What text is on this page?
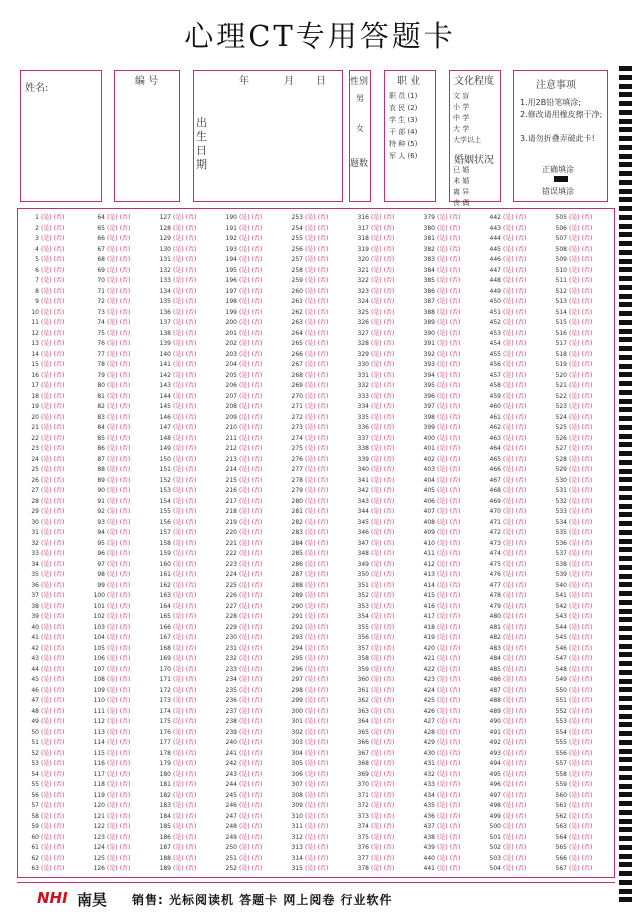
心理CT专用答题卡
姓名:
编 号	年	月 日
出生日期
性别
男
女
题数
职 业
职 员 (1)
农 民 (2)
学 生 (3)
干 部 (4)
特 种 (5)
军 人 (6)
文化程度
文 盲
小 学
中 学
大 学
大学以上
婚姻状况
已 婚
未 婚
离 异
丧 偶
注意事项
1.用2B铅笔填涂;
2.修改请用橡皮擦干净;
3.请勿折叠弄破此卡!
正确填涂
错误填涂
1 (是) (否)
2 (是) (否)
3 (是) (否)
4 (是) (否)
5 (是) (否)
6 (是) (否)
7 (是) (否)
8 (是) (否)
9 (是) (否)
10 (是) (否)
11 (是) (否)
12 (是) (否)
13 (是) (否)
14 (是) (否)
15 (是) (否)
16 (是) (否)
17 (是) (否)
18 (是) (否)
19 (是) (否)
20 (是) (否)
21 (是) (否)
22 (是) (否)
23 (是) (否)
24 (是) (否)
25 (是) (否)
26 (是) (否)
27 (是) (否)
28 (是) (否)
29 (是) (否)
30 (是) (否)
31 (是) (否)
32 (是) (否)
33 (是) (否)
34 (是) (否)
35 (是) (否)
36 (是) (否)
37 (是) (否)
38 (是) (否)
39 (是) (否)
40 (是) (否)
41 (是) (否)
42 (是) (否)
43 (是) (否)
44 (是) (否)
45 (是) (否)
46 (是) (否)
47 (是) (否)
48 (是) (否)
49 (是) (否)
50 (是) (否)
51 (是) (否)
52 (是) (否)
53 (是) (否)
54 (是) (否)
55 (是) (否)
56 (是) (否)
57 (是) (否)
58 (是) (否)
59 (是) (否)
60 (是) (否)
61 (是) (否)
62 (是) (否)
63 (是) (否)
64 (是) (否)
65 (是) (否)
66 (是) (否)
67 (是) (否)
68 (是) (否)
69 (是) (否)
70 (是) (否)
71 (是) (否)
72 (是) (否)
73 (是) (否)
74 (是) (否)
75 (是) (否)
76 (是) (否)
77 (是) (否)
78 (是) (否)
79 (是) (否)
80 (是) (否)
81 (是) (否)
82 (是) (否)
83 (是) (否)
84 (是) (否)
85 (是) (否)
86 (是) (否)
87 (是) (否)
88 (是) (否)
89 (是) (否)
90 (是) (否)
91 (是) (否)
92 (是) (否)
93 (是) (否)
94 (是) (否)
95 (是) (否)
96 (是) (否)
97 (是) (否)
98 (是) (否)
99 (是) (否)
100 (是) (否)
101 (是) (否)
102 (是) (否)
103 (是) (否)
104 (是) (否)
105 (是) (否)
106 (是) (否)
107 (是) (否)
108 (是) (否)
109 (是) (否)
110 (是) (否)
111 (是) (否)
112 (是) (否)
113 (是) (否)
114 (是) (否)
115 (是) (否)
116 (是) (否)
117 (是) (否)
118 (是) (否)
119 (是) (否)
120 (是) (否)
121 (是) (否)
122 (是) (否)
123 (是) (否)
124 (是) (否)
125 (是) (否)
126 (是) (否)
127 (是) (否)
128 (是) (否)
129 (是) (否)
130 (是) (否)
131 (是) (否)
132 (是) (否)
133 (是) (否)
134 (是) (否)
135 (是) (否)
136 (是) (否)
137 (是) (否)
138 (是) (否)
139 (是) (否)
140 (是) (否)
141 (是) (否)
142 (是) (否)
143 (是) (否)
144 (是) (否)
145 (是) (否)
146 (是) (否)
147 (是) (否)
148 (是) (否)
149 (是) (否)
150 (是) (否)
151 (是) (否)
152 (是) (否)
153 (是) (否)
154 (是) (否)
155 (是) (否)
156 (是) (否)
157 (是) (否)
158 (是) (否)
159 (是) (否)
160 (是) (否)
161 (是) (否)
162 (是) (否)
163 (是) (否)
164 (是) (否)
165 (是) (否)
166 (是) (否)
167 (是) (否)
168 (是) (否)
169 (是) (否)
170 (是) (否)
171 (是) (否)
172 (是) (否)
173 (是) (否)
174 (是) (否)
175 (是) (否)
176 (是) (否)
177 (是) (否)
178 (是) (否)
179 (是) (否)
180 (是) (否)
181 (是) (否)
182 (是) (否)
183 (是) (否)
184 (是) (否)
185 (是) (否)
186 (是) (否)
187 (是) (否)
188 (是) (否)
189 (是) (否)
190 (是) (否)
191 (是) (否)
192 (是) (否)
193 (是) (否)
194 (是) (否)
195 (是) (否)
196 (是) (否)
197 (是) (否)
198 (是) (否)
199 (是) (否)
200 (是) (否)
201 (是) (否)
202 (是) (否)
203 (是) (否)
204 (是) (否)
205 (是) (否)
206 (是) (否)
207 (是) (否)
208 (是) (否)
209 (是) (否)
210 (是) (否)
211 (是) (否)
212 (是) (否)
213 (是) (否)
214 (是) (否)
215 (是) (否)
216 (是) (否)
217 (是) (否)
218 (是) (否)
219 (是) (否)
220 (是) (否)
221 (是) (否)
222 (是) (否)
223 (是) (否)
224 (是) (否)
225 (是) (否)
226 (是) (否)
227 (是) (否)
228 (是) (否)
229 (是) (否)
230 (是) (否)
231 (是) (否)
232 (是) (否)
233 (是) (否)
234 (是) (否)
235 (是) (否)
236 (是) (否)
237 (是) (否)
238 (是) (否)
239 (是) (否)
240 (是) (否)
241 (是) (否)
242 (是) (否)
243 (是) (否)
244 (是) (否)
245 (是) (否)
246 (是) (否)
247 (是) (否)
248 (是) (否)
249 (是) (否)
250 (是) (否)
251 (是) (否)
252 (是) (否)
253 (是) (否)
254 (是) (否)
255 (是) (否)
256 (是) (否)
257 (是) (否)
258 (是) (否)
259 (是) (否)
260 (是) (否)
261 (是) (否)
262 (是) (否)
263 (是) (否)
264 (是) (否)
265 (是) (否)
266 (是) (否)
267 (是) (否)
268 (是) (否)
269 (是) (否)
270 (是) (否)
271 (是) (否)
272 (是) (否)
273 (是) (否)
274 (是) (否)
275 (是) (否)
276 (是) (否)
277 (是) (否)
278 (是) (否)
279 (是) (否)
280 (是) (否)
281 (是) (否)
282 (是) (否)
283 (是) (否)
284 (是) (否)
285 (是) (否)
286 (是) (否)
287 (是) (否)
288 (是) (否)
289 (是) (否)
290 (是) (否)
291 (是) (否)
292 (是) (否)
293 (是) (否)
294 (是) (否)
295 (是) (否)
296 (是) (否)
297 (是) (否)
298 (是) (否)
299 (是) (否)
300 (是) (否)
301 (是) (否)
302 (是) (否)
303 (是) (否)
304 (是) (否)
305 (是) (否)
306 (是) (否)
307 (是) (否)
308 (是) (否)
309 (是) (否)
310 (是) (否)
311 (是) (否)
312 (是) (否)
313 (是) (否)
314 (是) (否)
315 (是) (否)
316 (是) (否)
317 (是) (否)
318 (是) (否)
319 (是) (否)
320 (是) (否)
321 (是) (否)
322 (是) (否)
323 (是) (否)
324 (是) (否)
325 (是) (否)
326 (是) (否)
327 (是) (否)
328 (是) (否)
329 (是) (否)
330 (是) (否)
331 (是) (否)
332 (是) (否)
333 (是) (否)
334 (是) (否)
335 (是) (否)
336 (是) (否)
337 (是) (否)
338 (是) (否)
339 (是) (否)
340 (是) (否)
341 (是) (否)
342 (是) (否)
343 (是) (否)
344 (是) (否)
345 (是) (否)
346 (是) (否)
347 (是) (否)
348 (是) (否)
349 (是) (否)
350 (是) (否)
351 (是) (否)
352 (是) (否)
353 (是) (否)
354 (是) (否)
355 (是) (否)
356 (是) (否)
357 (是) (否)
358 (是) (否)
359 (是) (否)
360 (是) (否)
361 (是) (否)
362 (是) (否)
363 (是) (否)
364 (是) (否)
365 (是) (否)
366 (是) (否)
367 (是) (否)
368 (是) (否)
369 (是) (否)
370 (是) (否)
371 (是) (否)
372 (是) (否)
373 (是) (否)
374 (是) (否)
375 (是) (否)
376 (是) (否)
377 (是) (否)
378 (是) (否)
379 (是) (否)
380 (是) (否)
381 (是) (否)
382 (是) (否)
383 (是) (否)
384 (是) (否)
385 (是) (否)
386 (是) (否)
387 (是) (否)
388 (是) (否)
389 (是) (否)
390 (是) (否)
391 (是) (否)
392 (是) (否)
393 (是) (否)
394 (是) (否)
395 (是) (否)
396 (是) (否)
397 (是) (否)
398 (是) (否)
399 (是) (否)
400 (是) (否)
401 (是) (否)
402 (是) (否)
403 (是) (否)
404 (是) (否)
405 (是) (否)
406 (是) (否)
407 (是) (否)
408 (是) (否)
409 (是) (否)
410 (是) (否)
411 (是) (否)
412 (是) (否)
413 (是) (否)
414 (是) (否)
415 (是) (否)
416 (是) (否)
417 (是) (否)
418 (是) (否)
419 (是) (否)
420 (是) (否)
421 (是) (否)
422 (是) (否)
423 (是) (否)
424 (是) (否)
425 (是) (否)
426 (是) (否)
427 (是) (否)
428 (是) (否)
429 (是) (否)
430 (是) (否)
431 (是) (否)
432 (是) (否)
433 (是) (否)
434 (是) (否)
435 (是) (否)
436 (是) (否)
437 (是) (否)
438 (是) (否)
439 (是) (否)
440 (是) (否)
441 (是) (否)
442 (是) (否)
443 (是) (否)
444 (是) (否)
445 (是) (否)
446 (是) (否)
447 (是) (否)
448 (是) (否)
449 (是) (否)
450 (是) (否)
451 (是) (否)
452 (是) (否)
453 (是) (否)
454 (是) (否)
455 (是) (否)
456 (是) (否)
457 (是) (否)
458 (是) (否)
459 (是) (否)
460 (是) (否)
461 (是) (否)
462 (是) (否)
463 (是) (否)
464 (是) (否)
465 (是) (否)
466 (是) (否)
467 (是) (否)
468 (是) (否)
469 (是) (否)
470 (是) (否)
471 (是) (否)
472 (是) (否)
473 (是) (否)
474 (是) (否)
475 (是) (否)
476 (是) (否)
477 (是) (否)
478 (是) (否)
479 (是) (否)
480 (是) (否)
481 (是) (否)
482 (是) (否)
483 (是) (否)
484 (是) (否)
485 (是) (否)
486 (是) (否)
487 (是) (否)
488 (是) (否)
489 (是) (否)
490 (是) (否)
491 (是) (否)
492 (是) (否)
493 (是) (否)
494 (是) (否)
495 (是) (否)
496 (是) (否)
497 (是) (否)
498 (是) (否)
499 (是) (否)
500 (是) (否)
501 (是) (否)
502 (是) (否)
503 (是) (否)
504 (是) (否)
505 (是) (否)
506 (是) (否)
507 (是) (否)
508 (是) (否)
509 (是) (否)
510 (是) (否)
511 (是) (否)
512 (是) (否)
513 (是) (否)
514 (是) (否)
515 (是) (否)
516 (是) (否)
517 (是) (否)
518 (是) (否)
519 (是) (否)
520 (是) (否)
521 (是) (否)
522 (是) (否)
523 (是) (否)
524 (是) (否)
525 (是) (否)
526 (是) (否)
527 (是) (否)
528 (是) (否)
529 (是) (否)
530 (是) (否)
531 (是) (否)
532 (是) (否)
533 (是) (否)
534 (是) (否)
535 (是) (否)
536 (是) (否)
537 (是) (否)
538 (是) (否)
539 (是) (否)
540 (是) (否)
541 (是) (否)
542 (是) (否)
543 (是) (否)
544 (是) (否)
545 (是) (否)
546 (是) (否)
547 (是) (否)
548 (是) (否)
549 (是) (否)
550 (是) (否)
551 (是) (否)
552 (是) (否)
553 (是) (否)
554 (是) (否)
555 (是) (否)
556 (是) (否)
557 (是) (否)
558 (是) (否)
559 (是) (否)
560 (是) (否)
561 (是) (否)
562 (是) (否)
563 (是) (否)
564 (是) (否)
565 (是) (否)
566 (是) (否)
567 (是) (否)
NHI 南昊 销售: 光标阅读机 答题卡 网上阅卷 行业软件
